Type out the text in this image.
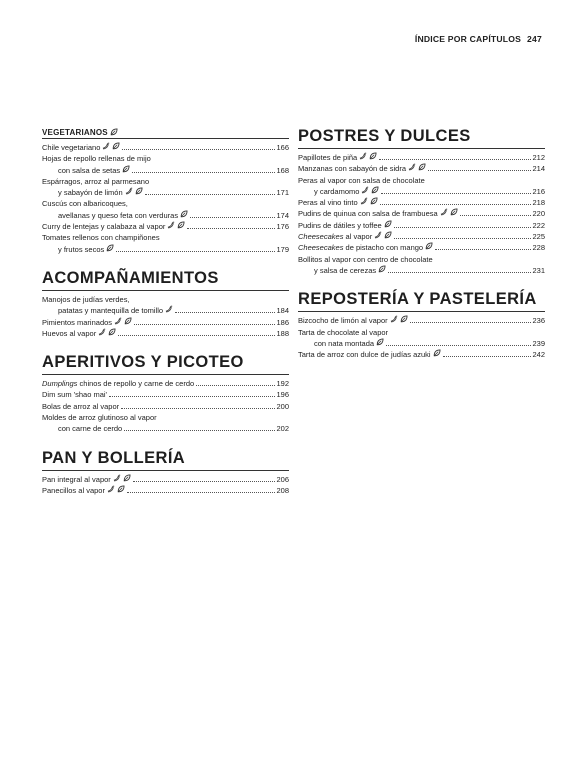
ÍNDICE POR CAPÍTULOS 247
VEGETARIANOS
Chile vegetariano	166
Hojas de repollo rellenas de mijo
con salsa de setas	168
Espárragos, arroz al parmesano
y sabayón de limón	171
Cuscús con albaricoques,
avellanas y queso feta con verduras	174
Curry de lentejas y calabaza al vapor	176
Tomates rellenos con champiñones
y frutos secos	179
ACOMPAÑAMIENTOS
Manojos de judías verdes,
patatas y mantequilla de tomillo	184
Pimientos marinados	186
Huevos al vapor	188
APERITIVOS Y PICOTEO
Dumplings chinos de repollo y carne de cerdo	192
Dim sum 'shao mai'	196
Bolas de arroz al vapor	200
Moldes de arroz glutinoso al vapor
con carne de cerdo	202
PAN Y BOLLERÍA
Pan integral al vapor	206
Panecillos al vapor	208
POSTRES Y DULCES
Papillotes de piña	212
Manzanas con sabayón de sidra	214
Peras al vapor con salsa de chocolate
y cardamomo	216
Peras al vino tinto	218
Pudins de quinua con salsa de frambuesa	220
Pudins de dátiles y toffee	222
Cheesecakes al vapor	225
Cheesecakes de pistacho con mango	228
Bollitos al vapor con centro de chocolate
y salsa de cerezas	231
REPOSTERÍA Y PASTELERÍA
Bizcocho de limón al vapor	236
Tarta de chocolate al vapor
con nata montada	239
Tarta de arroz con dulce de judías azuki	242
